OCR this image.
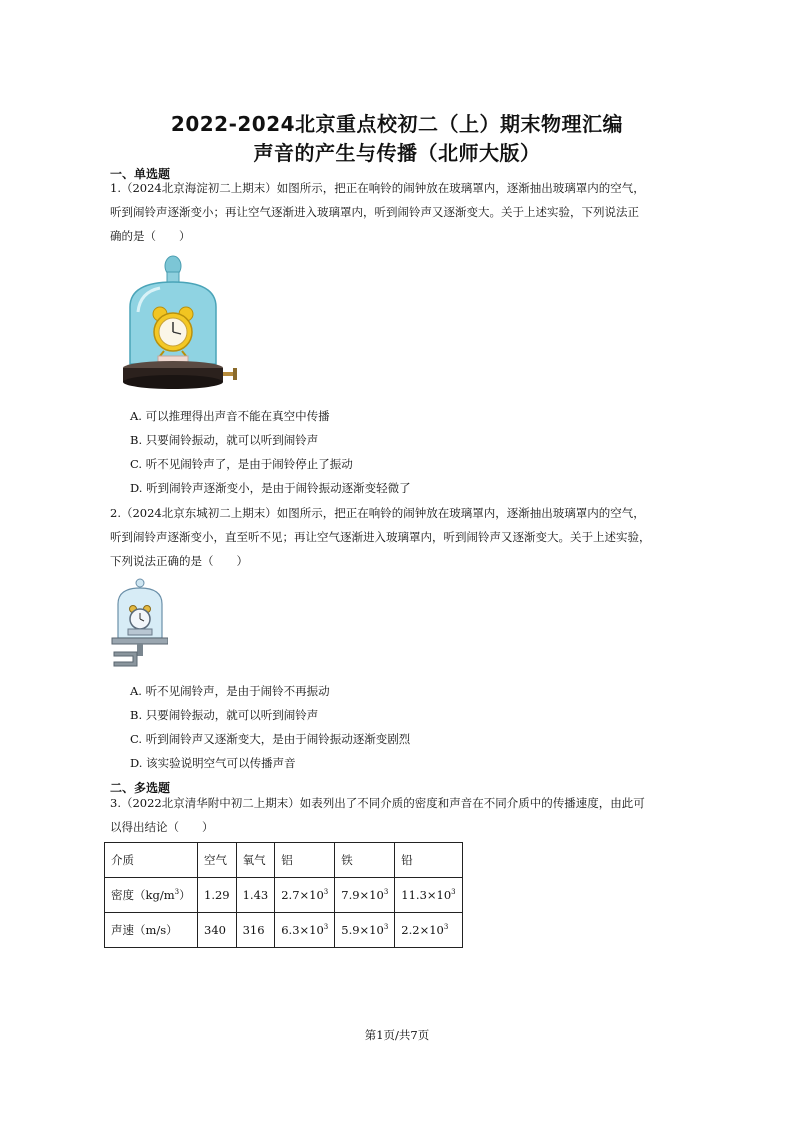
2022-2024北京重点校初二（上）期末物理汇编
声音的产生与传播（北师大版）
一、单选题
1.（2024北京海淀初二上期末）如图所示，把正在响铃的闹钟放在玻璃罩内，逐渐抽出玻璃罩内的空气，
听到闹铃声逐渐变小；再让空气逐渐进入玻璃罩内，听到闹铃声又逐渐变大。关于上述实验，下列说法正
确的是（　　）
A. 可以推理得出声音不能在真空中传播
B. 只要闹铃振动，就可以听到闹铃声
C. 听不见闹铃声了，是由于闹铃停止了振动
D. 听到闹铃声逐渐变小，是由于闹铃振动逐渐变轻微了
2.（2024北京东城初二上期末）如图所示，把正在响铃的闹钟放在玻璃罩内，逐渐抽出玻璃罩内的空气，
听到闹铃声逐渐变小，直至听不见；再让空气逐渐进入玻璃罩内，听到闹铃声又逐渐变大。关于上述实验，
下列说法正确的是（　　）
A. 听不见闹铃声，是由于闹铃不再振动
B. 只要闹铃振动，就可以听到闹铃声
C. 听到闹铃声又逐渐变大，是由于闹铃振动逐渐变剧烈
D. 该实验说明空气可以传播声音
二、多选题
3.（2022北京清华附中初二上期末）如表列出了不同介质的密度和声音在不同介质中的传播速度，由此可
以得出结论（　　）
介质	空气	氧气	铝	铁	铅
密度$(kg/m^3)$	1.29	1.43	$2.7\times 10^3$	$7.9\times 10^3$	$11.3\times 10^3$
声速（m/s）	340	316	$6.3\times 10^3$	$5.9\times 10^3$	$2.2\times 10^3$
第1页/共7页
